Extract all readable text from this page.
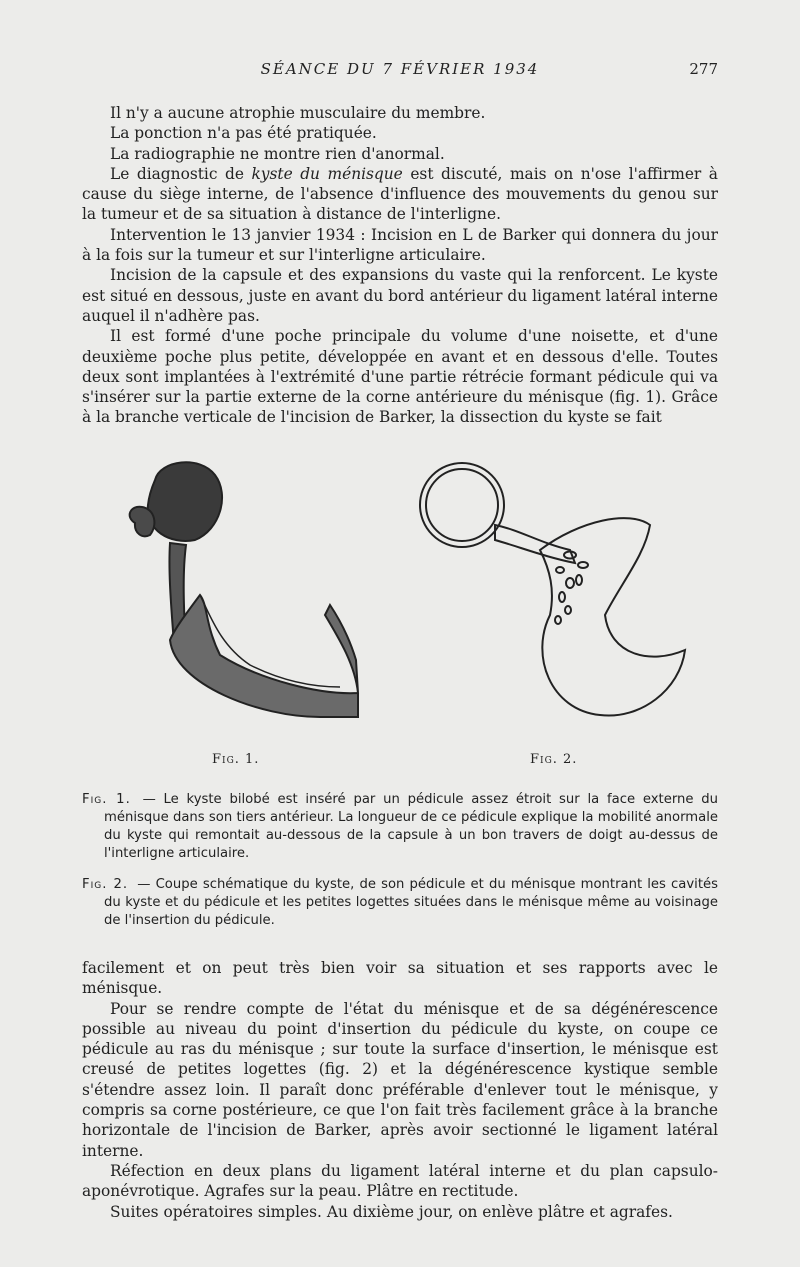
SÉANCE DU 7 FÉVRIER 1934	277

Il n'y a aucune atrophie musculaire du membre.

La ponction n'a pas été pratiquée.

La radiographie ne montre rien d'anormal.

Le diagnostic de kyste du ménisque est discuté, mais on n'ose l'affirmer à cause du siège interne, de l'absence d'influence des mouvements du genou sur la tumeur et de sa situation à distance de l'interligne.

Intervention le 13 janvier 1934 : Incision en L de Barker qui donnera du jour à la fois sur la tumeur et sur l'interligne articulaire.

Incision de la capsule et des expansions du vaste qui la renforcent. Le kyste est situé en dessous, juste en avant du bord antérieur du ligament latéral interne auquel il n'adhère pas.

Il est formé d'une poche principale du volume d'une noisette, et d'une deuxième poche plus petite, développée en avant et en dessous d'elle. Toutes deux sont implantées à l'extrémité d'une partie rétrécie formant pédicule qui va s'insérer sur la partie externe de la corne antérieure du ménisque (fig. 1). Grâce à la branche verticale de l'incision de Barker, la dissection du kyste se fait

Fig. 1.	Fig. 2.

Fig. 1. — Le kyste bilobé est inséré par un pédicule assez étroit sur la face externe du ménisque dans son tiers antérieur. La longueur de ce pédicule explique la mobilité anormale du kyste qui remontait au-dessous de la capsule à un bon travers de doigt au-dessus de l'interligne articulaire.

Fig. 2. — Coupe schématique du kyste, de son pédicule et du ménisque montrant les cavités du kyste et du pédicule et les petites logettes situées dans le ménisque même au voisinage de l'insertion du pédicule.

facilement et on peut très bien voir sa situation et ses rapports avec le ménisque.

Pour se rendre compte de l'état du ménisque et de sa dégénérescence possible au niveau du point d'insertion du pédicule du kyste, on coupe ce pédicule au ras du ménisque ; sur toute la surface d'insertion, le ménisque est creusé de petites logettes (fig. 2) et la dégénérescence kystique semble s'étendre assez loin. Il paraît donc préférable d'enlever tout le ménisque, y compris sa corne postérieure, ce que l'on fait très facilement grâce à la branche horizontale de l'incision de Barker, après avoir sectionné le ligament latéral interne.

Réfection en deux plans du ligament latéral interne et du plan capsulo-aponévrotique. Agrafes sur la peau. Plâtre en rectitude.

Suites opératoires simples. Au dixième jour, on enlève plâtre et agrafes.
